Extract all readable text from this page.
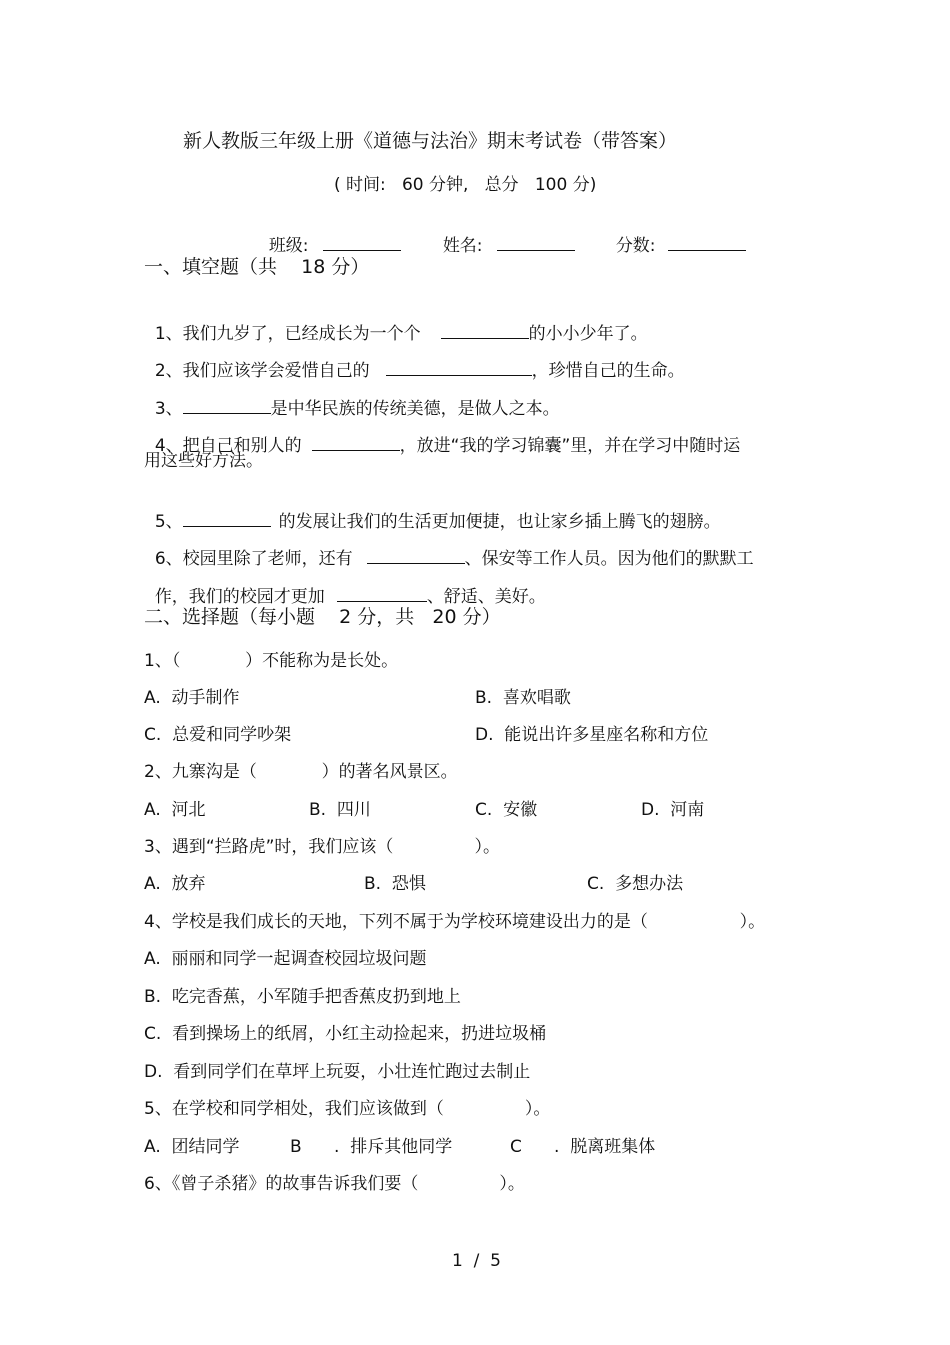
新人教版三年级上册《道德与法治》期末考试卷（带答案）
( 时间:   60 分钟,   总分   100 分)

班级:	姓名:	分数:

一、填空题（共    18 分）

1、我们九岁了，已经成长为一个个	的小小少年了。

2、我们应该学会爱惜自己的	，珍惜自己的生命。

3、	是中华民族的传统美德，是做人之本。

4、把自己和别人的	，放进“我的学习锦囊”里，并在学习中随时运

用这些好方法。

5、	的发展让我们的生活更加便捷，也让家乡插上腾飞的翅膀。

6、校园里除了老师，还有	、保安等工作人员。因为他们的默默工

作，我们的校园才更加	、舒适、美好。

二、选择题（每小题    2 分，共   20 分）
1、（            ）不能称为是长处。
A.  动手制作	B.  喜欢唱歌
C.  总爱和同学吵架	D.  能说出许多星座名称和方位
2、九寨沟是（            ）的著名风景区。
A.  河北	B.  四川	C.  安徽	D.  河南
3、遇到“拦路虎”时，我们应该（               ）。
A.  放弃	B.  恐惧	C.  多想办法
4、学校是我们成长的天地，下列不属于为学校环境建设出力的是（                 ）。
A.  丽丽和同学一起调查校园垃圾问题
B.  吃完香蕉，小军随手把香蕉皮扔到地上
C.  看到操场上的纸屑，小红主动捡起来，扔进垃圾桶
D.  看到同学们在草坪上玩耍，小壮连忙跑过去制止
5、在学校和同学相处，我们应该做到（               ）。
A.  团结同学	B .  排斥其他同学	C .  脱离班集体
6、《曾子杀猪》的故事告诉我们要（               ）。
1  /  5
